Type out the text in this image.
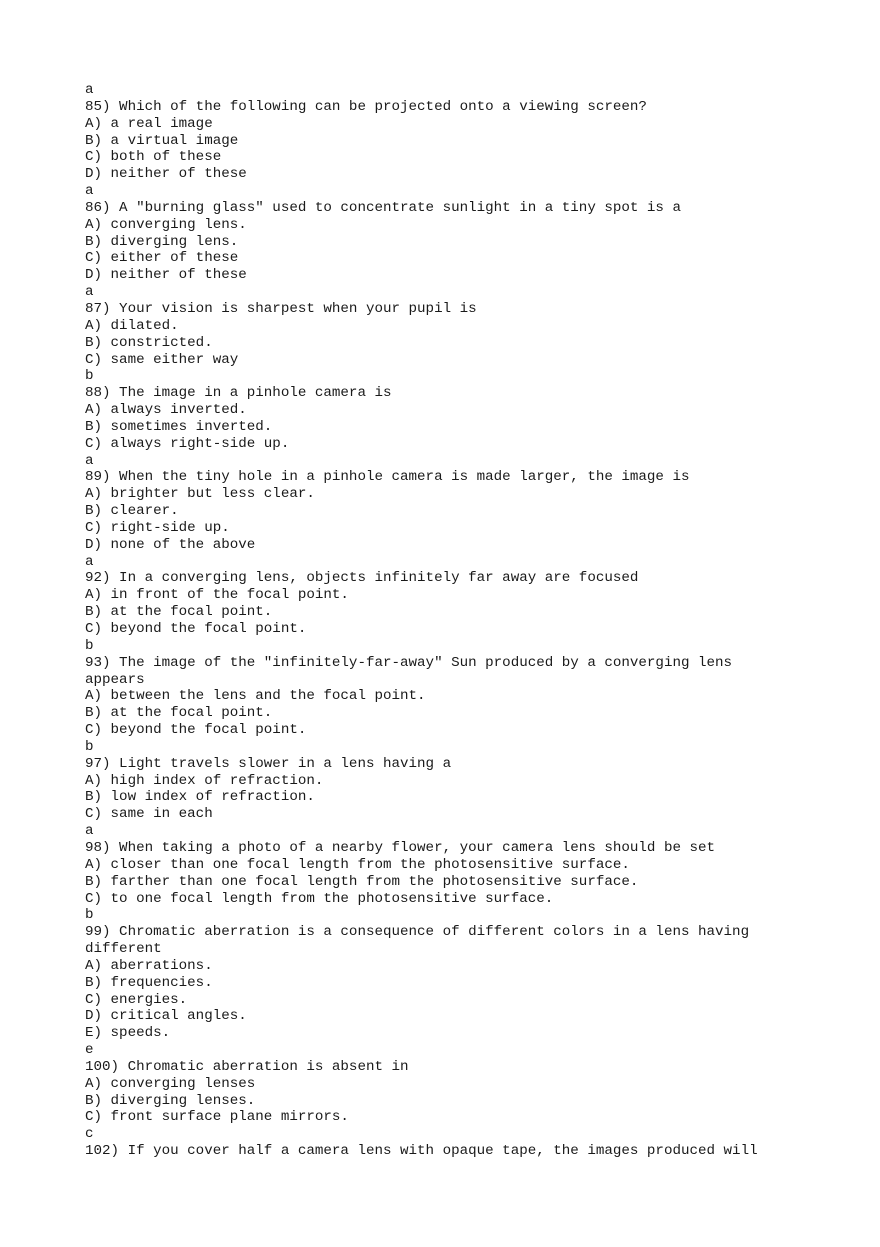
a
85) Which of the following can be projected onto a viewing screen?
A) a real image
B) a virtual image
C) both of these
D) neither of these
a
86) A "burning glass" used to concentrate sunlight in a tiny spot is a
A) converging lens.
B) diverging lens.
C) either of these
D) neither of these
a
87) Your vision is sharpest when your pupil is
A) dilated.
B) constricted.
C) same either way
b
88) The image in a pinhole camera is
A) always inverted.
B) sometimes inverted.
C) always right-side up.
a
89) When the tiny hole in a pinhole camera is made larger, the image is
A) brighter but less clear.
B) clearer.
C) right-side up.
D) none of the above
a
92) In a converging lens, objects infinitely far away are focused
A) in front of the focal point.
B) at the focal point.
C) beyond the focal point.
b
93) The image of the "infinitely-far-away" Sun produced by a converging lens
appears
A) between the lens and the focal point.
B) at the focal point.
C) beyond the focal point.
b
97) Light travels slower in a lens having a
A) high index of refraction.
B) low index of refraction.
C) same in each
a
98) When taking a photo of a nearby flower, your camera lens should be set
A) closer than one focal length from the photosensitive surface.
B) farther than one focal length from the photosensitive surface.
C) to one focal length from the photosensitive surface.
b
99) Chromatic aberration is a consequence of different colors in a lens having
different
A) aberrations.
B) frequencies.
C) energies.
D) critical angles.
E) speeds.
e
100) Chromatic aberration is absent in
A) converging lenses
B) diverging lenses.
C) front surface plane mirrors.
c
102) If you cover half a camera lens with opaque tape, the images produced will
